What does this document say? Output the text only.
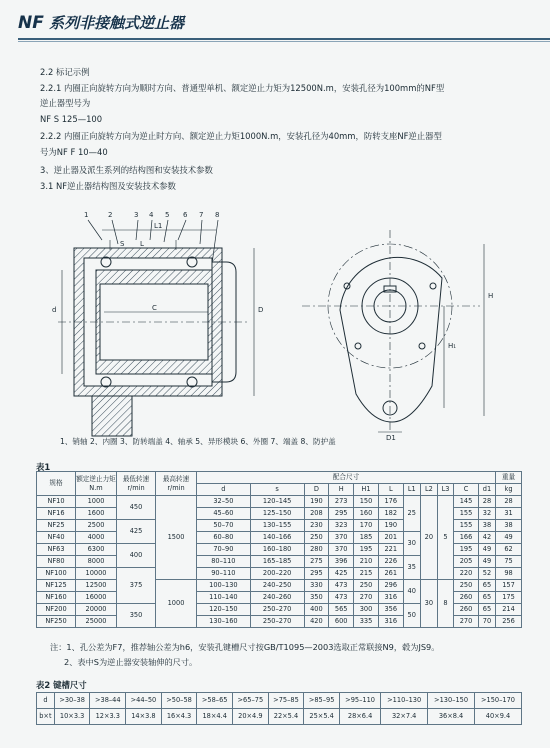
NF 系列非接触式逆止器
2.2 标记示例
2.2.1 内圈正向旋转方向为顺时方向、普通型单机、额定逆止力矩为12500N.m，安装孔径为100mm的NF型
逆止器型号为
NF S 125—100
2.2.2 内圈正向旋转方向为逆止时方向、额定逆止力矩1000N.m，安装孔径为40mm，防转支座NF逆止器型
号为NF F 10—40
3、逆止器及派生系列的结构图和安装技术参数
3.1 NF逆止器结构图及安装技术参数
1	2	3 4 5 6 7 8
L1
L
S
C
d	D
H
H₁
D1
1、销轴 2、内圈 3、防转端盖 4、轴承 5、异形模块 6、外圈 7、端盖 8、防护盖
表1
规格	额定逆止力矩N.m	最低转速r/min	最高转速r/min	配合尺寸											重量
				d	s	D	H	H1	L	L1	L2	L3	C	d1	kg
NF10	1000	450	1500	32–50	120–145	190	273	150	176	25	20	5	145	28	28
NF16	1600			45–60	125–150	208	295	160	182				155	32	31
NF25	2500	425		50–70	130–155	230	323	170	190				155	38	38
NF40	4000			60–80	140–166	250	370	185	201	30			166	42	49
NF63	6300	400		70–90	160–180	280	370	195	221				195	49	62
NF80	8000			80–110	165–185	275	396	210	226	35			205	49	75
NF100	10000	375		90–110	200–220	295	425	215	261				220	52	98
NF125	12500		1000	100–130	240–250	330	473	250	296	40	30	8	250	65	157
NF160	16000			110–140	240–260	350	473	270	316				260	65	175
NF200	20000	350		120–150	250–270	400	565	300	356	50			260	65	214
NF250	25000			130–160	250–270	420	600	335	316				270	70	256
注：1、孔公差为F7，推荐轴公差为h6，安装孔键槽尺寸按GB/T1095—2003选取正常联接N9，毂为JS9。
2、表中S为逆止器安装轴伸的尺寸。
表2 键槽尺寸
d	>30–38	>38–44	>44–50	>50–58	>58–65	>65–75	>75–85	>85–95	>95–110	>110–130	>130–150	>150–170
b×t	10×3.3	12×3.3	14×3.8	16×4.3	18×4.4	20×4.9	22×5.4	25×5.4	28×6.4	32×7.4	36×8.4	40×9.4
